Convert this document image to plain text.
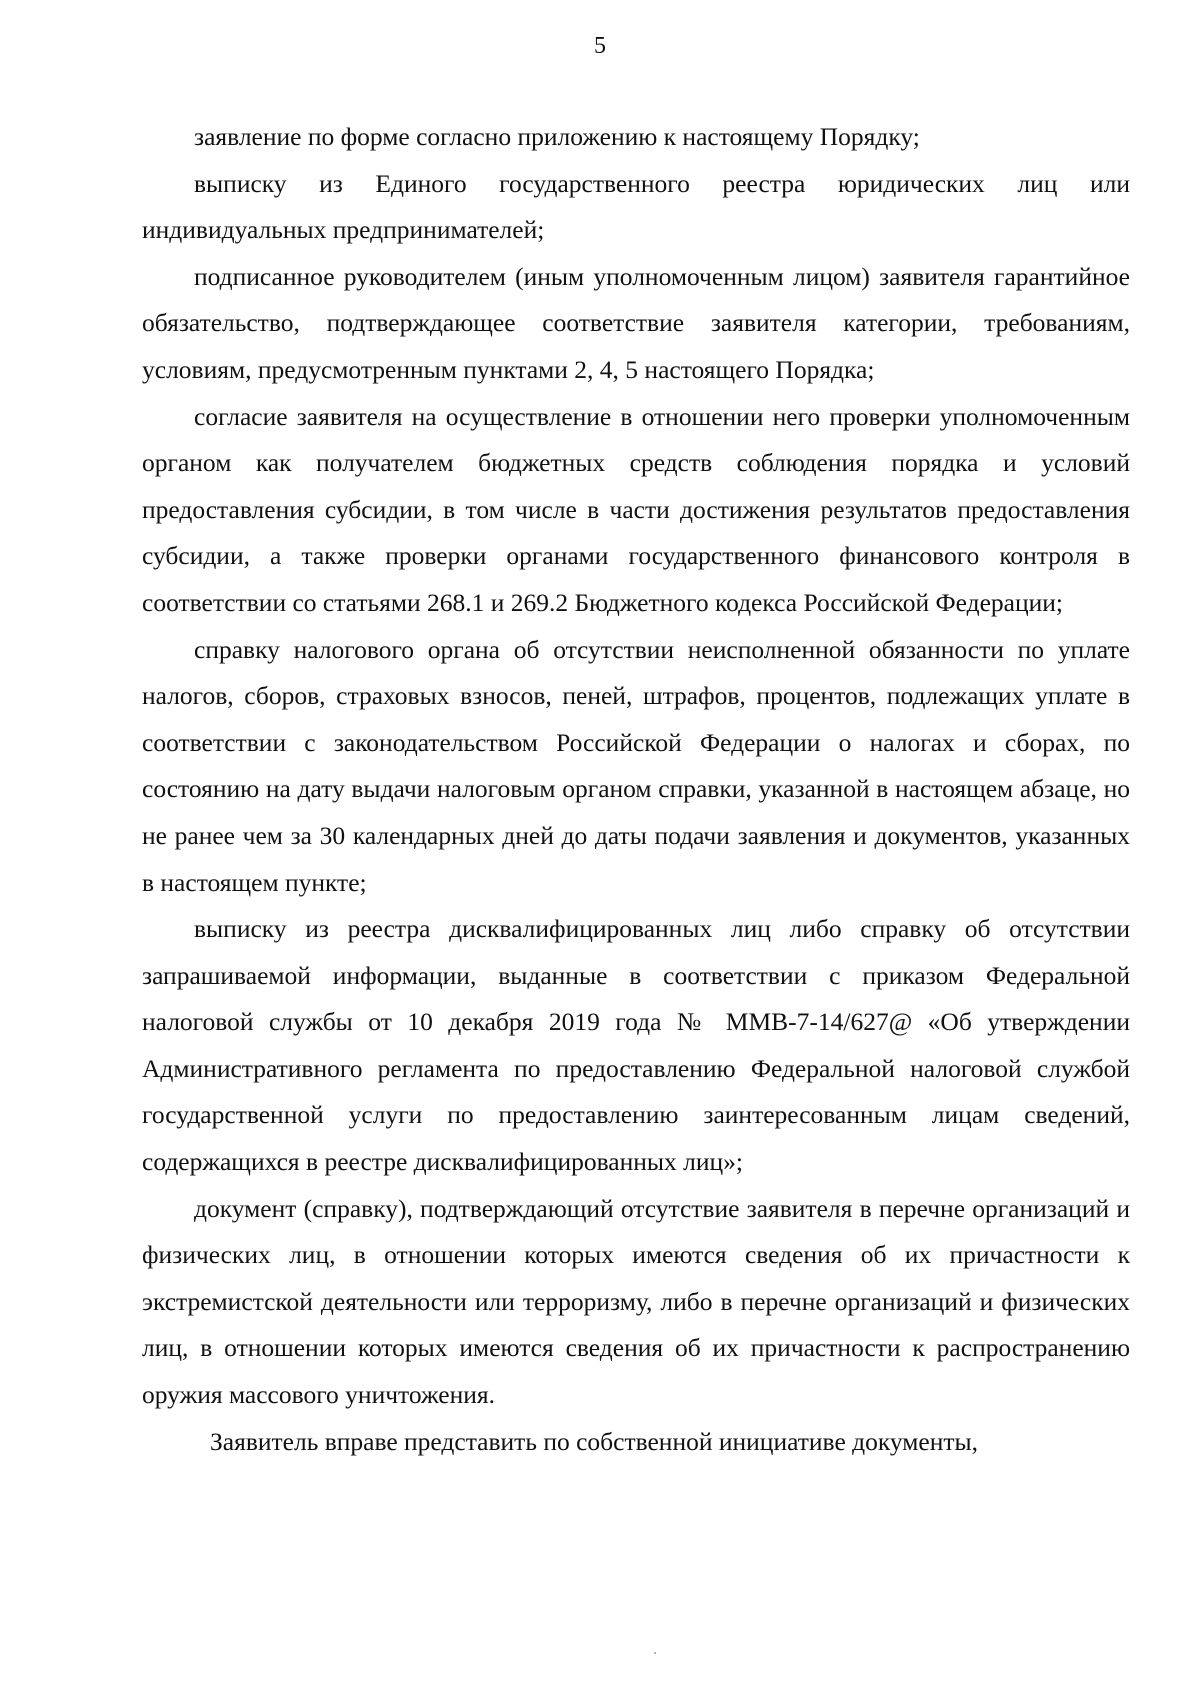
5

заявление по форме согласно приложению к настоящему Порядку;

выписку из Единого государственного реестра юридических лиц или индивидуальных предпринимателей;

подписанное руководителем (иным уполномоченным лицом) заявителя гарантийное обязательство, подтверждающее соответствие заявителя категории, требованиям, условиям, предусмотренным пунктами 2, 4, 5 настоящего Порядка;

согласие заявителя на осуществление в отношении него проверки уполномоченным органом как получателем бюджетных средств соблюдения порядка и условий предоставления субсидии, в том числе в части достижения результатов предоставления субсидии, а также проверки органами государственного финансового контроля в соответствии со статьями 268.1 и 269.2 Бюджетного кодекса Российской Федерации;

справку налогового органа об отсутствии неисполненной обязанности по уплате налогов, сборов, страховых взносов, пеней, штрафов, процентов, подлежащих уплате в соответствии с законодательством Российской Федерации о налогах и сборах, по состоянию на дату выдачи налоговым органом справки, указанной в настоящем абзаце, но не ранее чем за 30 календарных дней до даты подачи заявления и документов, указанных в настоящем пункте;

выписку из реестра дисквалифицированных лиц либо справку об отсутствии запрашиваемой информации, выданные в соответствии с приказом Федеральной налоговой службы от 10 декабря 2019 года № ММВ-7-14/627@ «Об утверждении Административного регламента по предоставлению Федеральной налоговой службой государственной услуги по предоставлению заинтересованным лицам сведений, содержащихся в реестре дисквалифицированных лиц»;

документ (справку), подтверждающий отсутствие заявителя в перечне организаций и физических лиц, в отношении которых имеются сведения об их причастности к экстремистской деятельности или терроризму, либо в перечне организаций и физических лиц, в отношении которых имеются сведения об их причастности к распространению оружия массового уничтожения.

Заявитель вправе представить по собственной инициативе документы,
